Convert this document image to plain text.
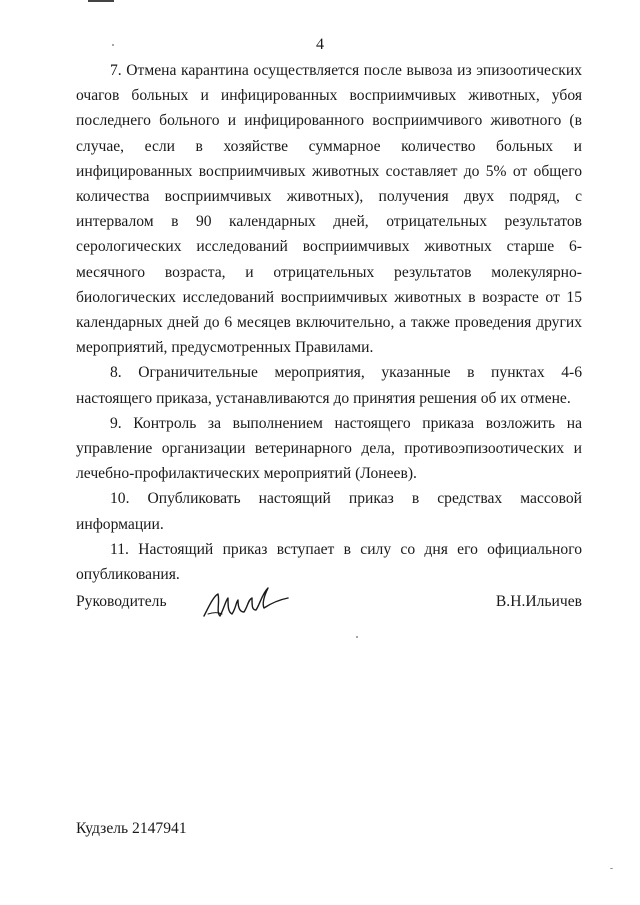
4

7. Отмена карантина осуществляется после вывоза из эпизоотических очагов больных и инфицированных восприимчивых животных, убоя последнего больного и инфицированного восприимчивого животного (в случае, если в хозяйстве суммарное количество больных и инфицированных восприимчивых животных составляет до 5% от общего количества восприимчивых животных), получения двух подряд, с интервалом в 90 календарных дней, отрицательных результатов серологических исследований восприимчивых животных старше 6-месячного возраста, и отрицательных результатов молекулярно-биологических исследований восприимчивых животных в возрасте от 15 календарных дней до 6 месяцев включительно, а также проведения других мероприятий, предусмотренных Правилами.

8. Ограничительные мероприятия, указанные в пунктах 4-6 настоящего приказа, устанавливаются до принятия решения об их отмене.

9. Контроль за выполнением настоящего приказа возложить на управление организации ветеринарного дела, противоэпизоотических и лечебно-профилактических мероприятий (Лонеев).

10. Опубликовать настоящий приказ в средствах массовой информации.

11. Настоящий приказ вступает в силу со дня его официального опубликования.

Руководитель	В.Н.Ильичев
Кудзель 2147941
